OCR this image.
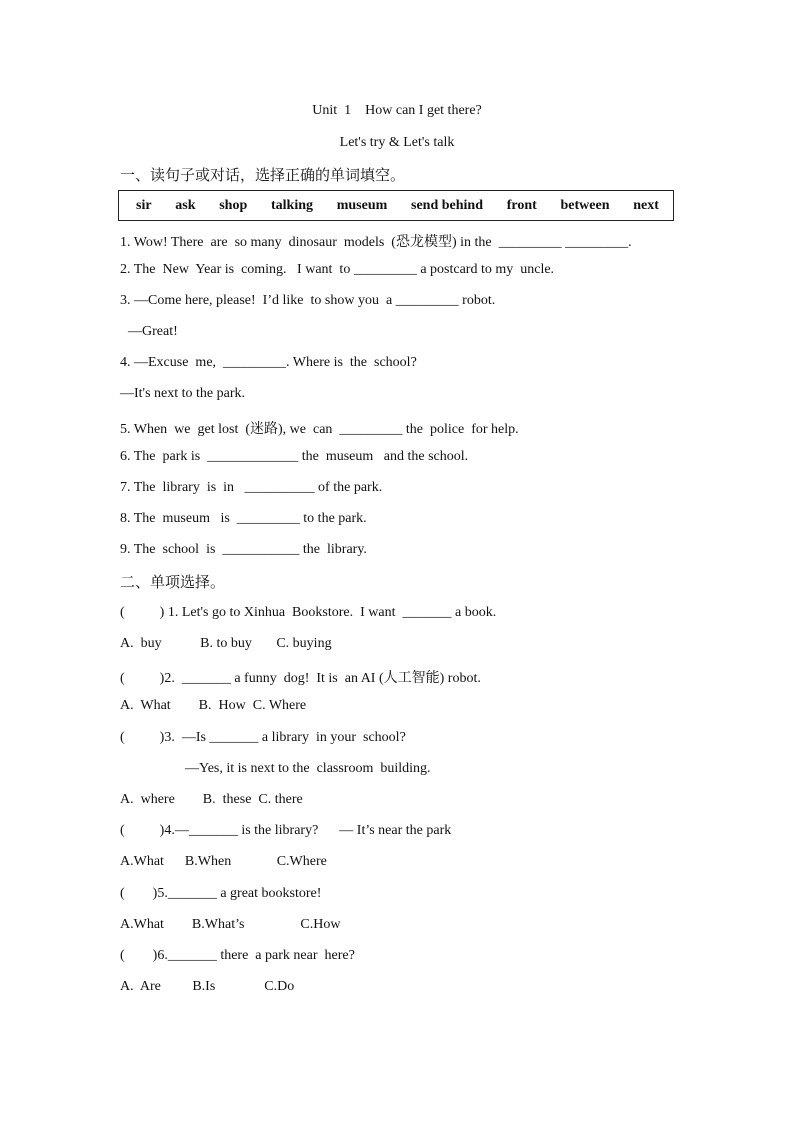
Unit  1    How can I get there?
Let's try & Let's talk
一、读句子或对话，选择正确的单词填空。
sir ask shop talking museum send behind front between next
1. Wow! There  are  so many  dinosaur  models  (恐龙模型) in the  _________ _________.
2. The  New  Year is  coming.   I want  to _________ a postcard to my  uncle.
3. —Come here, please!  I’d like  to show you  a _________ robot.
—Great!
4. —Excuse  me,  _________. Where is  the  school?
—It's next to the park.
5. When  we  get lost  (迷路), we  can  _________ the  police  for help.
6. The  park is  _____________ the  museum   and the school.
7. The  library  is  in   __________ of the park.
8. The  museum   is  _________ to the park.
9. The  school  is  ___________ the  library.
二、单项选择。
(          ) 1. Let's go to Xinhua  Bookstore.  I want  _______ a book.
A.  buy           B. to buy       C. buying
(          )2.  _______ a funny  dog!  It is  an AI (人工智能) robot.
A.  What        B.  How  C. Where
(          )3.  —Is _______ a library  in your  school?
—Yes, it is next to the  classroom  building.
A.  where        B.  these  C. there
(          )4.—_______ is the library?      — It’s near the park
A.What      B.When             C.Where
(        )5._______ a great bookstore!
A.What        B.What’s                C.How
(        )6._______ there  a park near  here?
A.  Are         B.Is              C.Do
